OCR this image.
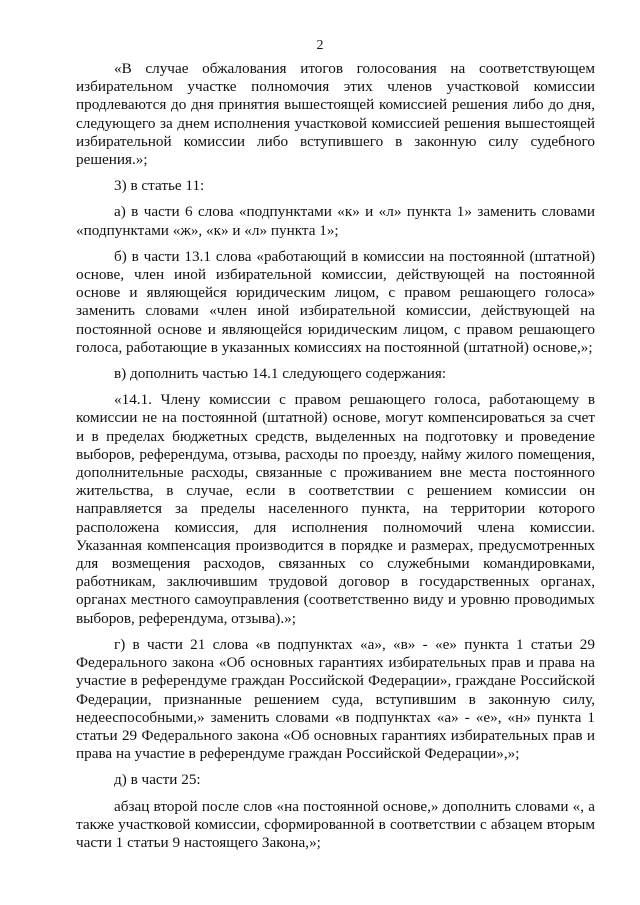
2

«В случае обжалования итогов голосования на соответствующем избирательном участке полномочия этих членов участковой комиссии продлеваются до дня принятия вышестоящей комиссией решения либо до дня, следующего за днем исполнения участковой комиссией решения вышестоящей избирательной комиссии либо вступившего в законную силу судебного решения.»;

3) в статье 11:

а) в части 6 слова «подпунктами «к» и «л» пункта 1» заменить словами «подпунктами «ж», «к» и «л» пункта 1»;

б) в части 13.1 слова «работающий в комиссии на постоянной (штатной) основе, член иной избирательной комиссии, действующей на постоянной основе и являющейся юридическим лицом, с правом решающего голоса» заменить словами «член иной избирательной комиссии, действующей на постоянной основе и являющейся юридическим лицом, с правом решающего голоса, работающие в указанных комиссиях на постоянной (штатной) основе,»;

в) дополнить частью 14.1 следующего содержания:

«14.1. Члену комиссии с правом решающего голоса, работающему в комиссии не на постоянной (штатной) основе, могут компенсироваться за счет и в пределах бюджетных средств, выделенных на подготовку и проведение выборов, референдума, отзыва, расходы по проезду, найму жилого помещения, дополнительные расходы, связанные с проживанием вне места постоянного жительства, в случае, если в соответствии с решением комиссии он направляется за пределы населенного пункта, на территории которого расположена комиссия, для исполнения полномочий члена комиссии. Указанная компенсация производится в порядке и размерах, предусмотренных для возмещения расходов, связанных со служебными командировками, работникам, заключившим трудовой договор в государственных органах, органах местного самоуправления (соответственно виду и уровню проводимых выборов, референдума, отзыва).»;

г) в части 21 слова «в подпунктах «а», «в» - «е» пункта 1 статьи 29 Федерального закона «Об основных гарантиях избирательных прав и права на участие в референдуме граждан Российской Федерации», граждане Российской Федерации, признанные решением суда, вступившим в законную силу, недееспособными,» заменить словами «в подпунктах «а» - «е», «н» пункта 1 статьи 29 Федерального закона «Об основных гарантиях избирательных прав и права на участие в референдуме граждан Российской Федерации»,»;

д) в части 25:

абзац второй после слов «на постоянной основе,» дополнить словами «, а также участковой комиссии, сформированной в соответствии с абзацем вторым части 1 статьи 9 настоящего Закона,»;
